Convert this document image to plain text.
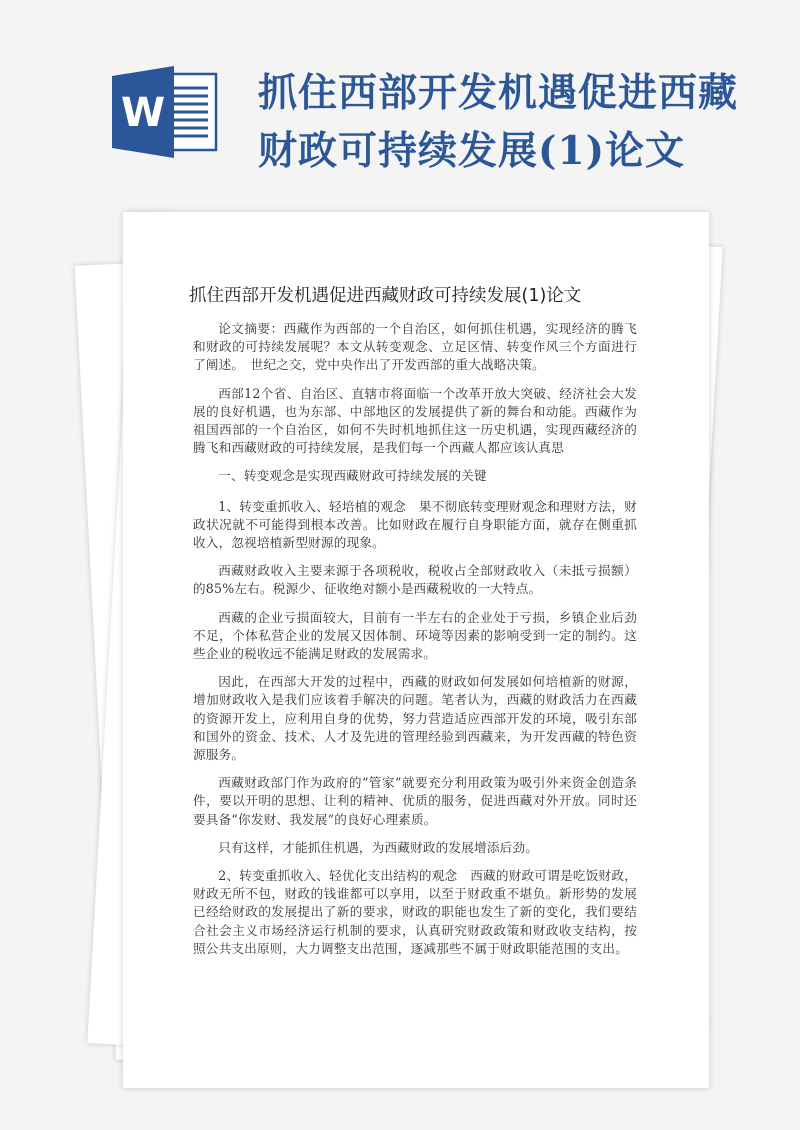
W 抓住西部开发机遇促进西藏财政可持续发展(1)论文
抓住西部开发机遇促进西藏财政可持续发展(1)论文

论文摘要：西藏作为西部的一个自治区，如何抓住机遇，实现经济的腾飞和财政的可持续发展呢？本文从转变观念、立足区情、转变作风三个方面进行了阐述。　世纪之交，党中央作出了开发西部的重大战略决策。

西部12个省、自治区、直辖市将面临一个改革开放大突破、经济社会大发展的良好机遇，也为东部、中部地区的发展提供了新的舞台和动能。西藏作为祖国西部的一个自治区，如何不失时机地抓住这一历史机遇，实现西藏经济的腾飞和西藏财政的可持续发展，是我们每一个西藏人都应该认真思

一、转变观念是实现西藏财政可持续发展的关键

1、转变重抓收入、轻培植的观念　果不彻底转变理财观念和理财方法，财政状况就不可能得到根本改善。比如财政在履行自身职能方面，就存在侧重抓收入，忽视培植新型财源的现象。

西藏财政收入主要来源于各项税收，税收占全部财政收入（未抵亏损额）的85%左右。税源少、征收绝对额小是西藏税收的一大特点。

西藏的企业亏损面较大，目前有一半左右的企业处于亏损，乡镇企业后劲不足，个体私营企业的发展又因体制、环境等因素的影响受到一定的制约。这些企业的税收远不能满足财政的发展需求。

因此，在西部大开发的过程中，西藏的财政如何发展如何培植新的财源，增加财政收入是我们应该着手解决的问题。笔者认为，西藏的财政活力在西藏的资源开发上，应利用自身的优势，努力营造适应西部开发的环境，吸引东部和国外的资金、技术、人才及先进的管理经验到西藏来，为开发西藏的特色资源服务。

西藏财政部门作为政府的“管家”就要充分利用政策为吸引外来资金创造条件，要以开明的思想、让利的精神、优质的服务，促进西藏对外开放。同时还要具备“你发财、我发展”的良好心理素质。

只有这样，才能抓住机遇，为西藏财政的发展增添后劲。

2、转变重抓收入、轻优化支出结构的观念　西藏的财政可谓是吃饭财政，财政无所不包，财政的钱谁都可以享用，以至于财政重不堪负。新形势的发展已经给财政的发展提出了新的要求，财政的职能也发生了新的变化，我们要结合社会主义市场经济运行机制的要求，认真研究财政政策和财政收支结构，按照公共支出原则，大力调整支出范围，逐减那些不属于财政职能范围的支出。
